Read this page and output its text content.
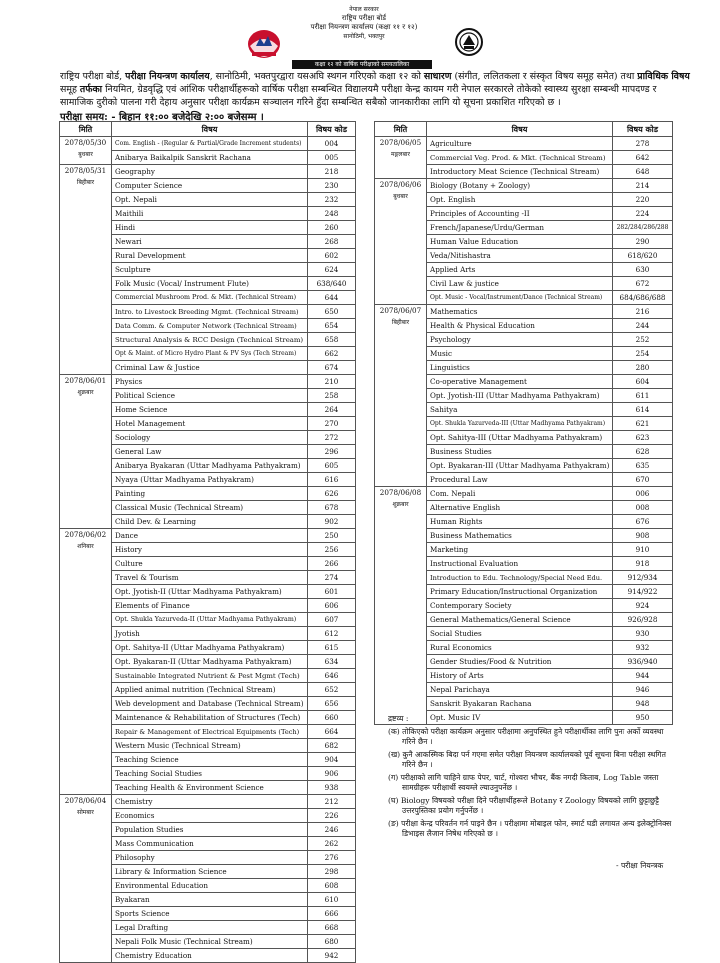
नेपाल सरकार
राष्ट्रिय परीक्षा बोर्ड
परीक्षा नियन्त्रण कार्यालय (कक्षा ११ र १२)
सानोठिमी, भक्तपुर
कक्षा १२ को वार्षिक परीक्षाको समयतालिका
राष्ट्रिय परीक्षा बोर्ड, परीक्षा नियन्त्रण कार्यालय, सानोठिमी, भक्तपुरद्वारा यसअघि स्थगन गरिएको कक्षा १२ को साधारण (संगीत, ललितकला र संस्कृत विषय समूह समेत) तथा प्राविधिक विषय
समूह तर्फका नियमित, ग्रेडवृद्धि एवं आंशिक परीक्षार्थीहरूको वार्षिक परीक्षा सम्बन्धित विद्यालयमै परीक्षा केन्द्र कायम गरी नेपाल सरकारले तोकेको स्वास्थ्य सुरक्षा सम्बन्धी मापदण्ड र
सामाजिक दुरीको पालना गरी देहाय अनुसार परीक्षा कार्यक्रम सञ्चालन गरिने हुँदा सम्बन्धित सबैको जानकारीका लागि यो सूचना प्रकाशित गरिएको छ ।
परीक्षा समय: - बिहान ११:०० बजेदेखि २:०० बजेसम्म ।
मिति	विषय	विषय कोड

2078/05/30
बुधबार	Com. English - (Regular & Partial/Grade Increment students)	004
	Anibarya Baikalpik Sanskrit Rachana	005

2078/05/31
बिहीबार	Geography	218
	Computer Science	230
	Opt. Nepali	232
	Maithili	248
	Hindi	260
	Newari	268
	Rural Development	602
	Sculpture	624
	Folk Music (Vocal/ Instrument Flute)	638/640
	Commercial Mushroom Prod. & Mkt. (Technical Stream)	644
	Intro. to Livestock Breeding Mgmt. (Technical Stream)	650
	Data Comm. & Computer Network (Technical Stream)	654
	Structural Analysis & RCC Design (Technical Stream)	658
	Opt & Maint. of Micro Hydro Plant & PV Sys (Tech Stream)	662
	Criminal Law & Justice	674

2078/06/01
शुक्रबार	Physics	210
	Political Science	258
	Home Science	264
	Hotel Management	270
	Sociology	272
	General Law	296
	Anibarya Byakaran (Uttar Madhyama Pathyakram)	605
	Nyaya (Uttar Madhyama Pathyakram)	616
	Painting	626
	Classical Music (Technical Stream)	678
	Child Dev. & Learning	902

2078/06/02
शनिबार	Dance	250
	History	256
	Culture	266
	Travel & Tourism	274
	Opt. Jyotish-II (Uttar Madhyama Pathyakram)	601
	Elements of Finance	606
	Opt. Shukla Yazurveda-II (Uttar Madhyama Pathyakram)	607
	Jyotish	612
	Opt. Sahitya-II (Uttar Madhyama Pathyakram)	615
	Opt. Byakaran-II (Uttar Madhyama Pathyakram)	634
	Sustainable Integrated Nutrient & Pest Mgmt (Tech)	646
	Applied animal nutrition (Technical Stream)	652
	Web development and Database (Technical Stream)	656
	Maintenance & Rehabilitation of Structures (Tech)	660
	Repair & Management of Electrical Equipments (Tech)	664
	Western Music (Technical Stream)	682
	Teaching Science	904
	Teaching Social Studies	906
	Teaching Health & Environment Science	938

2078/06/04
सोमबार	Chemistry	212
	Economics	226
	Population Studies	246
	Mass Communication	262
	Philosophy	276
	Library & Information Science	298
	Environmental Education	608
	Byakaran	610
	Sports Science	666
	Legal Drafting	668
	Nepali Folk Music (Technical Stream)	680
	Chemistry Education	942
मिति	विषय	विषय कोड

2078/06/05
मङ्गलबार	Agriculture	278
	Commercial Veg. Prod. & Mkt. (Technical Stream)	642
	Introductory Meat Science (Technical Stream)	648

2078/06/06
बुधबार	Biology (Botany + Zoology)	214
	Opt. English	220
	Principles of Accounting -II	224
	French/Japanese/Urdu/German	282/284/286/288
	Human Value Education	290
	Veda/Nitishastra	618/620
	Applied Arts	630
	Civil Law & justice	672
	Opt. Music - Vocal/Instrument/Dance (Technical Stream)	684/686/688

2078/06/07
बिहीबार	Mathematics	216
	Health & Physical Education	244
	Psychology	252
	Music	254
	Linguistics	280
	Co-operative Management	604
	Opt. Jyotish-III (Uttar Madhyama Pathyakram)	611
	Sahitya	614
	Opt. Shukla Yazurveda-III (Uttar Madhyama Pathyakram)	621
	Opt. Sahitya-III (Uttar Madhyama Pathyakram)	623
	Business Studies	628
	Opt. Byakaran-III (Uttar Madhyama Pathyakram)	635
	Procedural Law	670

2078/06/08
शुक्रबार	Com. Nepali	006
	Alternative English	008
	Human Rights	676
	Business Mathematics	908
	Marketing	910
	Instructional Evaluation	918
	Introduction to Edu. Technology/Special Need Edu.	912/934
	Primary Education/Instructional Organization	914/922
	Contemporary Society	924
	General Mathematics/General Science	926/928
	Social Studies	930
	Rural Economics	932
	Gender Studies/Food & Nutrition	936/940
	History of Arts	944
	Nepal Parichaya	946
	Sanskrit Byakaran Rachana	948
	Opt. Music IV	950
द्रष्टव्य :
(क) तोकिएको परीक्षा कार्यक्रम अनुसार परीक्षामा अनुपस्थित हुने परीक्षार्थीका लागि पुनः अर्को व्यवस्था गरिने छैन ।
(ख) कुनै आकस्मिक बिदा पर्न गएमा समेत परीक्षा नियन्त्रण कार्यालयको पूर्व सूचना बिना परीक्षा स्थगित गरिने छैन ।
(ग) परीक्षाको लागि चाहिने ग्राफ पेपर, चार्ट, गोश्वरा भौचर, बैंक नगदी किताब, Log Table जस्ता सामग्रीहरू परीक्षार्थी स्वयम्ले ल्याउनुपर्नेछ ।
(घ) Biology विषयको परीक्षा दिने परीक्षार्थीहरूले Botany र Zoology विषयको लागि छुट्टाछुट्टै उत्तरपुस्तिका प्रयोग गर्नुपर्नेछ ।
(ङ) परीक्षा केन्द्र परिवर्तन गर्न पाइने छैन । परीक्षामा मोबाइल फोन, स्मार्ट घडी लगायत अन्य इलेक्ट्रोनिक्स डिभाइस लैजान निषेध गरिएको छ ।
- परीक्षा नियन्त्रक
